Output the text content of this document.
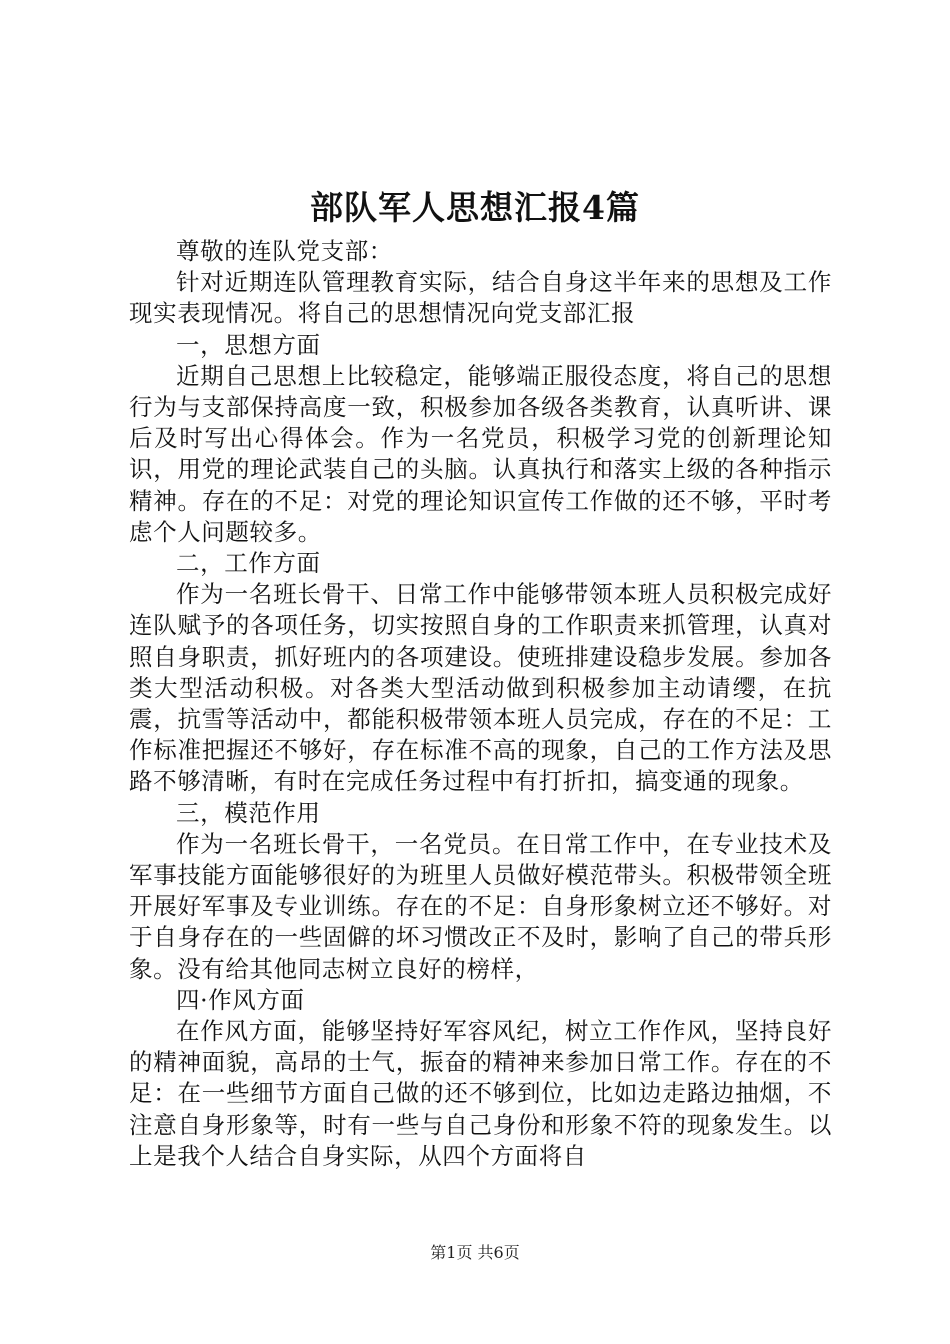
部队军人思想汇报4篇

尊敬的连队党支部：

针对近期连队管理教育实际，结合自身这半年来的思想及工作现实表现情况。将自己的思想情况向党支部汇报

一，思想方面

近期自己思想上比较稳定，能够端正服役态度，将自己的思想行为与支部保持高度一致，积极参加各级各类教育，认真听讲、课后及时写出心得体会。作为一名党员，积极学习党的创新理论知识，用党的理论武装自己的头脑。认真执行和落实上级的各种指示精神。存在的不足：对党的理论知识宣传工作做的还不够，平时考虑个人问题较多。

二，工作方面

作为一名班长骨干、日常工作中能够带领本班人员积极完成好连队赋予的各项任务，切实按照自身的工作职责来抓管理，认真对照自身职责，抓好班内的各项建设。使班排建设稳步发展。参加各类大型活动积极。对各类大型活动做到积极参加主动请缨，在抗震，抗雪等活动中，都能积极带领本班人员完成，存在的不足：工作标准把握还不够好，存在标准不高的现象，自己的工作方法及思路不够清晰，有时在完成任务过程中有打折扣，搞变通的现象。

三，模范作用

作为一名班长骨干，一名党员。在日常工作中，在专业技术及军事技能方面能够很好的为班里人员做好模范带头。积极带领全班开展好军事及专业训练。存在的不足：自身形象树立还不够好。对于自身存在的一些固僻的坏习惯改正不及时，影响了自己的带兵形象。没有给其他同志树立良好的榜样，

四·作风方面

在作风方面，能够坚持好军容风纪，树立工作作风，坚持良好的精神面貌，高昂的士气，振奋的精神来参加日常工作。存在的不足：在一些细节方面自己做的还不够到位，比如边走路边抽烟，不注意自身形象等，时有一些与自己身份和形象不符的现象发生。以上是我个人结合自身实际，从四个方面将自

第1页 共6页
